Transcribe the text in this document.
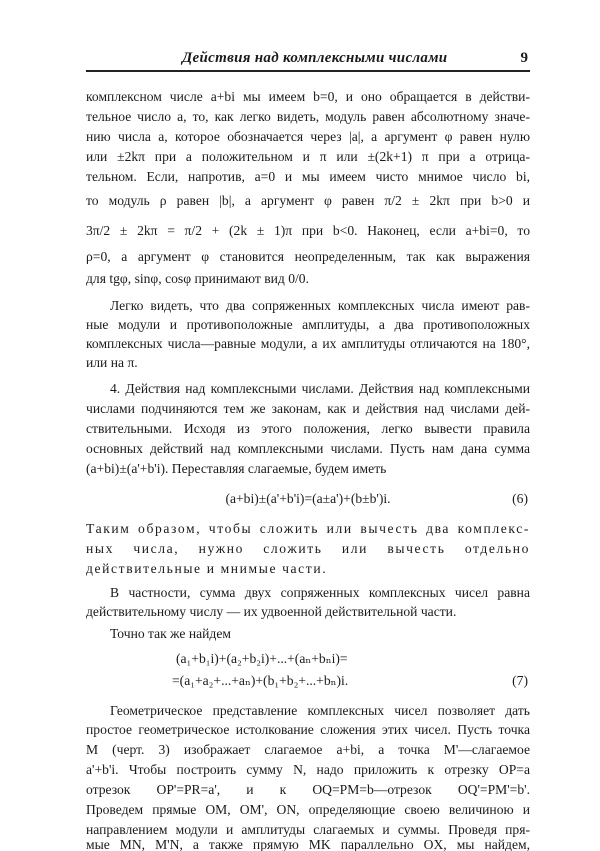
Действия над комплексными числами	9
комплексном числе a+bi мы имеем b=0, и оно обращается в действи-
тельное число a, то, как легко видеть, модуль равен абсолютному значе-
нию числа a, которое обозначается через |a|, а аргумент φ равен нулю
или ±2kπ при a положительном и π или ±(2k+1) π при a отрица-
тельном. Если, напротив, a=0 и мы имеем чисто мнимое число bi,
то модуль ρ равен |b|, а аргумент φ равен π/2 ± 2kπ при b>0 и
3π/2 ± 2kπ = π/2 + (2k ± 1)π при b<0. Наконец, если a+bi=0, то
ρ=0, а аргумент φ становится неопределенным, так как выражения
для tgφ, sinφ, cosφ принимают вид 0/0.
Легко видеть, что два сопряженных комплексных числа имеют рав-
ные модули и противоположные амплитуды, а два противоположных
комплексных числа—равные модули, а их амплитуды отличаются на 180°,
или на π.
4. Действия над комплексными числами. Действия над комплексными
числами подчиняются тем же законам, как и действия над числами дей-
ствительными. Исходя из этого положения, легко вывести правила
основных действий над комплексными числами. Пусть нам дана сумма
(a+bi)±(a'+b'i). Переставляя слагаемые, будем иметь
(a+bi)±(a'+b'i)=(a±a')+(b±b')i.	(6)
Таким образом, чтобы сложить или вычесть два комплекс-
ных числа, нужно сложить или вычесть отдельно
действительные и мнимые части.
В частности, сумма двух сопряженных комплексных чисел равна
действительному числу — их удвоенной действительной части.
Точно так же найдем
(a₁+b₁i)+(a₂+b₂i)+...+(aₙ+bₙi)=
=(a₁+a₂+...+aₙ)+(b₁+b₂+...+bₙ)i.	(7)
Геометрическое представление комплексных чисел позволяет дать
простое геометрическое истолкование сложения этих чисел. Пусть точка
M (черт. 3) изображает слагаемое a+bi, а точка M'—слагаемое
a'+b'i. Чтобы построить сумму N, надо приложить к отрезку OP=a
отрезок OP'=PR=a', и к OQ=PM=b—отрезок OQ'=PM'=b'.
Проведем прямые OM, OM', ON, определяющие своею величиною и
направлением модули и амплитуды слагаемых и суммы. Проведя пря-
мые MN, M'N, а также прямую MK параллельно OX, мы найдем,
